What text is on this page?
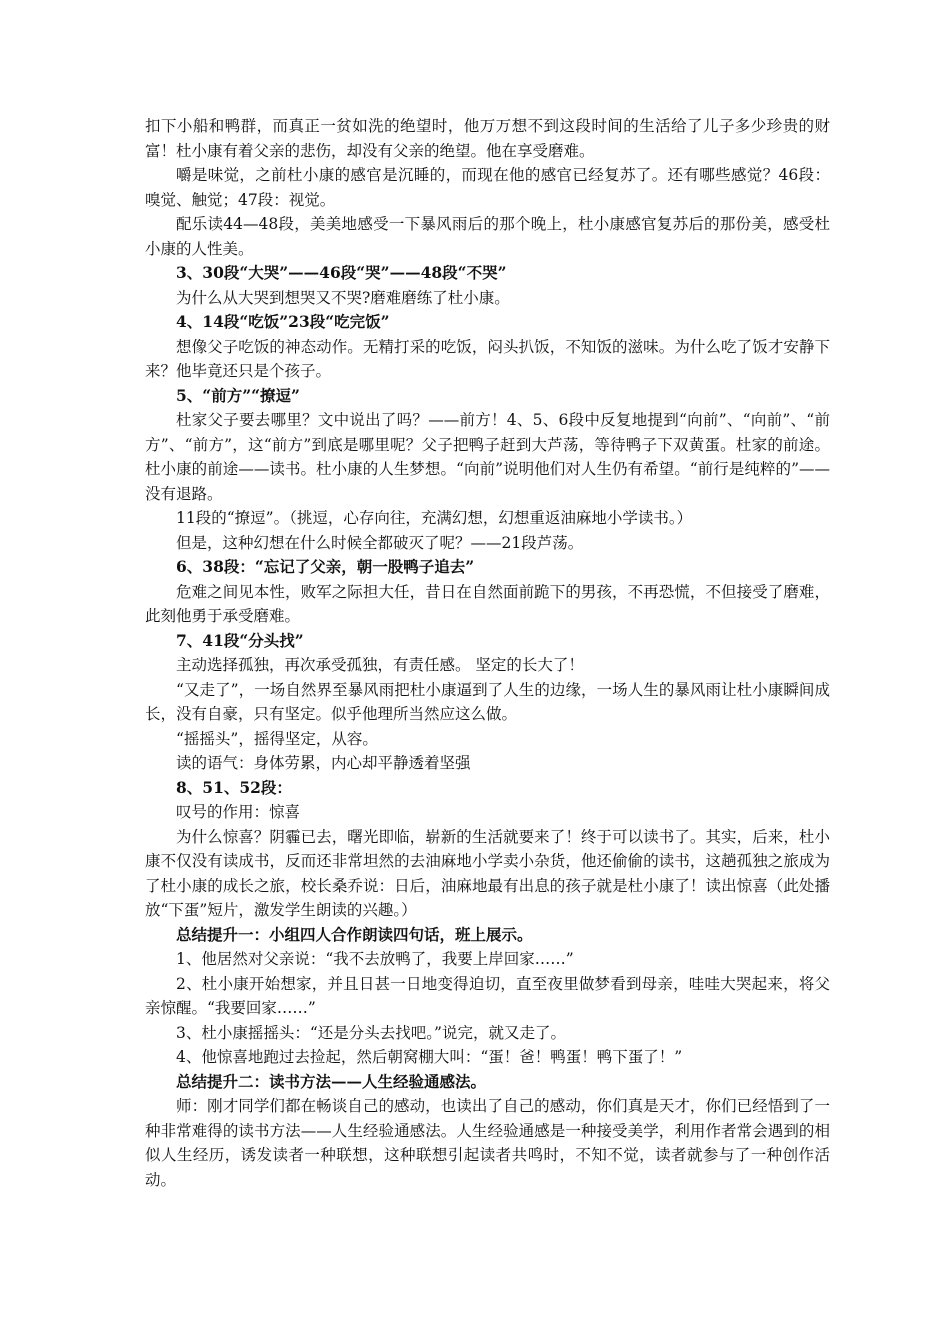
扣下小船和鸭群，而真正一贫如洗的绝望时，他万万想不到这段时间的生活给了儿子多少珍贵的财富！杜小康有着父亲的悲伤，却没有父亲的绝望。他在享受磨难。

嚼是味觉，之前杜小康的感官是沉睡的，而现在他的感官已经复苏了。还有哪些感觉？46段：嗅觉、触觉；47段：视觉。

配乐读44—48段，美美地感受一下暴风雨后的那个晚上，杜小康感官复苏后的那份美，感受杜小康的人性美。

3、30段“大哭”——46段“哭”——48段“不哭”

为什么从大哭到想哭又不哭?磨难磨练了杜小康。

4、14段“吃饭”23段“吃完饭”

想像父子吃饭的神态动作。无精打采的吃饭，闷头扒饭，不知饭的滋味。为什么吃了饭才安静下来？他毕竟还只是个孩子。

5、“前方”“撩逗”

杜家父子要去哪里？文中说出了吗？——前方！4、5、6段中反复地提到“向前”、“向前”、“前方”、“前方”，这“前方”到底是哪里呢？父子把鸭子赶到大芦荡，等待鸭子下双黄蛋。杜家的前途。杜小康的前途——读书。杜小康的人生梦想。“向前”说明他们对人生仍有希望。“前行是纯粹的”——没有退路。

11段的“撩逗”。（挑逗，心存向往，充满幻想，幻想重返油麻地小学读书。）

但是，这种幻想在什么时候全都破灭了呢？——21段芦荡。

6、38段：“忘记了父亲，朝一股鸭子追去”

危难之间见本性，败军之际担大任，昔日在自然面前跪下的男孩，不再恐慌，不但接受了磨难，此刻他勇于承受磨难。

7、41段“分头找”

主动选择孤独，再次承受孤独，有责任感。 坚定的长大了！

“又走了”，一场自然界至暴风雨把杜小康逼到了人生的边缘，一场人生的暴风雨让杜小康瞬间成长，没有自豪，只有坚定。似乎他理所当然应这么做。

“摇摇头”，摇得坚定，从容。

读的语气：身体劳累，内心却平静透着坚强

8、51、52段：

叹号的作用：惊喜

为什么惊喜？阴霾已去，曙光即临，崭新的生活就要来了！终于可以读书了。其实，后来，杜小康不仅没有读成书，反而还非常坦然的去油麻地小学卖小杂货，他还偷偷的读书，这趟孤独之旅成为了杜小康的成长之旅，校长桑乔说：日后，油麻地最有出息的孩子就是杜小康了！读出惊喜（此处播放“下蛋”短片，激发学生朗读的兴趣。）

总结提升一：小组四人合作朗读四句话，班上展示。

1、他居然对父亲说：“我不去放鸭了，我要上岸回家……”

2、杜小康开始想家，并且日甚一日地变得迫切，直至夜里做梦看到母亲，哇哇大哭起来，将父亲惊醒。“我要回家……”

3、杜小康摇摇头：“还是分头去找吧。”说完，就又走了。

4、他惊喜地跑过去捡起，然后朝窝棚大叫：“蛋！爸！鸭蛋！鸭下蛋了！”

总结提升二：读书方法——人生经验通感法。

师：刚才同学们都在畅谈自己的感动，也读出了自己的感动，你们真是天才，你们已经悟到了一种非常难得的读书方法——人生经验通感法。人生经验通感是一种接受美学，利用作者常会遇到的相似人生经历，诱发读者一种联想，这种联想引起读者共鸣时，不知不觉，读者就参与了一种创作活动。
